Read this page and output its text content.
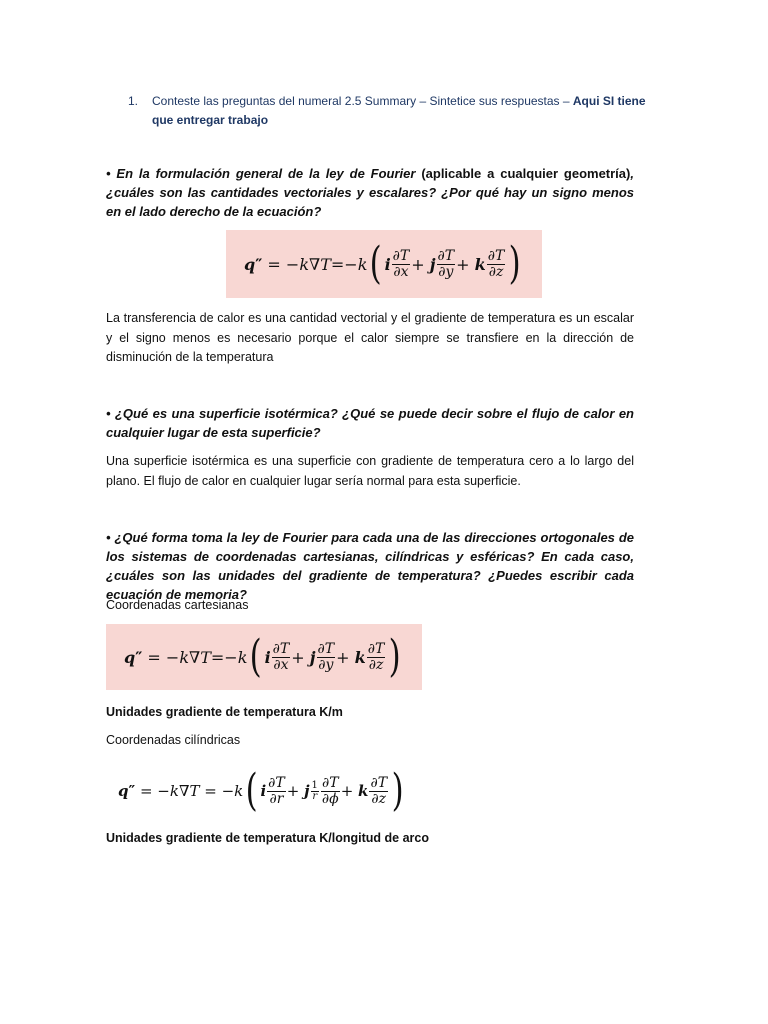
1. Conteste las preguntas del numeral 2.5 Summary – Sintetice sus respuestas – Aqui SI tiene que entregar trabajo
• En la formulación general de la ley de Fourier (aplicable a cualquier geometría), ¿cuáles son las cantidades vectoriales y escalares? ¿Por qué hay un signo menos en el lado derecho de la ecuación?
q″ = − k ∇ T =− k ( i $\frac{\partial T}{\partial x} + j \frac{\partial T}{\partial y} + k \frac{\partial T}{\partial z}$ )
La transferencia de calor es una cantidad vectorial y el gradiente de temperatura es un escalar y el signo menos es necesario porque el calor siempre se transfiere en la dirección de disminución de la temperatura
• ¿Qué es una superficie isotérmica? ¿Qué se puede decir sobre el flujo de calor en cualquier lugar de esta superficie?
Una superficie isotérmica es una superficie con gradiente de temperatura cero a lo largo del plano. El flujo de calor en cualquier lugar sería normal para esta superficie.
• ¿Qué forma toma la ley de Fourier para cada una de las direcciones ortogonales de los sistemas de coordenadas cartesianas, cilíndricas y esféricas? En cada caso, ¿cuáles son las unidades del gradiente de temperatura? ¿Puedes escribir cada ecuación de memoria?
Coordenadas cartesianas
q″ = − k ∇ T =− k ( i $\frac{\partial T}{\partial x} + j \frac{\partial T}{\partial y} + k \frac{\partial T}{\partial z}$ )
Unidades gradiente de temperatura K/m
Coordenadas cilíndricas
q″ = − k ∇ T = − k ( i $\frac{\partial T}{\partial r} + j$ 1
r $\frac{\partial T}{\partial\phi} + k \frac{\partial T}{\partial z}$ )
Unidades gradiente de temperatura K/longitud de arco
